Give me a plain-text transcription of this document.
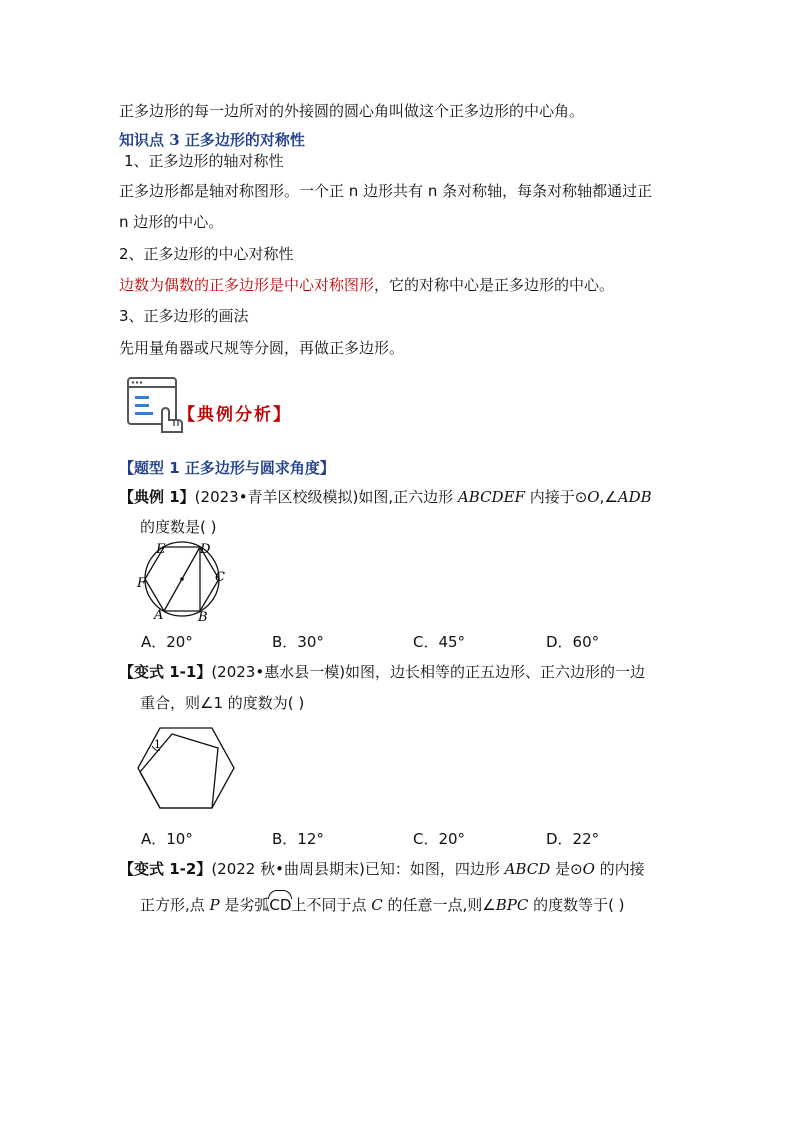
正多边形的每一边所对的外接圆的圆心角叫做这个正多边形的中心角。
知识点 3 正多边形的对称性
1、正多边形的轴对称性
正多边形都是轴对称图形。一个正 n 边形共有 n 条对称轴，每条对称轴都通过正
n 边形的中心。
2、正多边形的中心对称性
边数为偶数的正多边形是中心对称图形，它的对称中心是正多边形的中心。
3、正多边形的画法
先用量角器或尺规等分圆，再做正多边形。
【典例分析】
【题型 1 正多边形与圆求角度】
【典例 1】(2023•青羊区校级模拟)如图,正六边形 ABCDEF 内接于⊙O,∠ADB
的度数是( )
E	D
C
F
A	B
A．20°	B．30°	C．45°	D．60°
【变式 1-1】(2023•惠水县一模)如图，边长相等的正五边形、正六边形的一边
重合，则∠1 的度数为( )
1
A．10°	B．12°	C．20°	D．22°
【变式 1-2】(2022 秋•曲周县期末)已知：如图，四边形 ABCD 是⊙O 的内接
正方形,点 P 是劣弧CD上不同于点 C 的任意一点,则∠BPC 的度数等于( )
